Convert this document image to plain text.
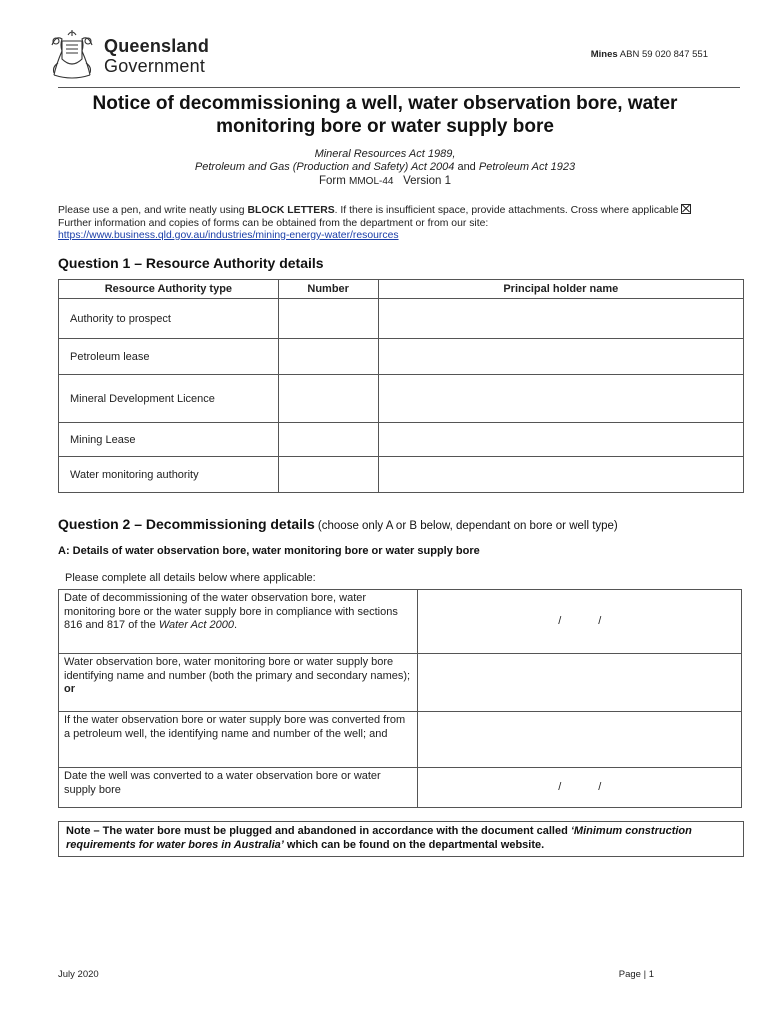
Queensland
Government
Mines ABN 59 020 847 551
Notice of decommissioning a well, water observation bore, water
monitoring bore or water supply bore
Mineral Resources Act 1989,
Petroleum and Gas (Production and Safety) Act 2004 and Petroleum Act 1923
Form MMOL-44 Version 1
Please use a pen, and write neatly using BLOCK LETTERS. If there is insufficient space, provide attachments. Cross where applicable Further information and copies of forms can be obtained from the department or from our site:
https://www.business.qld.gov.au/industries/mining-energy-water/resources
Question 1 – Resource Authority details
Resource Authority type	Number	Principal holder name
Authority to prospect		
Petroleum lease		
Mineral Development Licence		
Mining Lease		
Water monitoring authority		
Question 2 – Decommissioning details (choose only A or B below, dependant on bore or well type)
A: Details of water observation bore, water monitoring bore or water supply bore
Please complete all details below where applicable:
Date of decommissioning of the water observation bore, water monitoring bore or the water supply bore in compliance with sections 816 and 817 of the Water Act 2000.	/ /
Water observation bore, water monitoring bore or water supply bore identifying name and number (both the primary and secondary names); or	
If the water observation bore or water supply bore was converted from a petroleum well, the identifying name and number of the well; and	
Date the well was converted to a water observation bore or water supply bore	/ /
Note – The water bore must be plugged and abandoned in accordance with the document called ‘Minimum construction requirements for water bores in Australia’ which can be found on the departmental website.
July 2020	Page | 1
